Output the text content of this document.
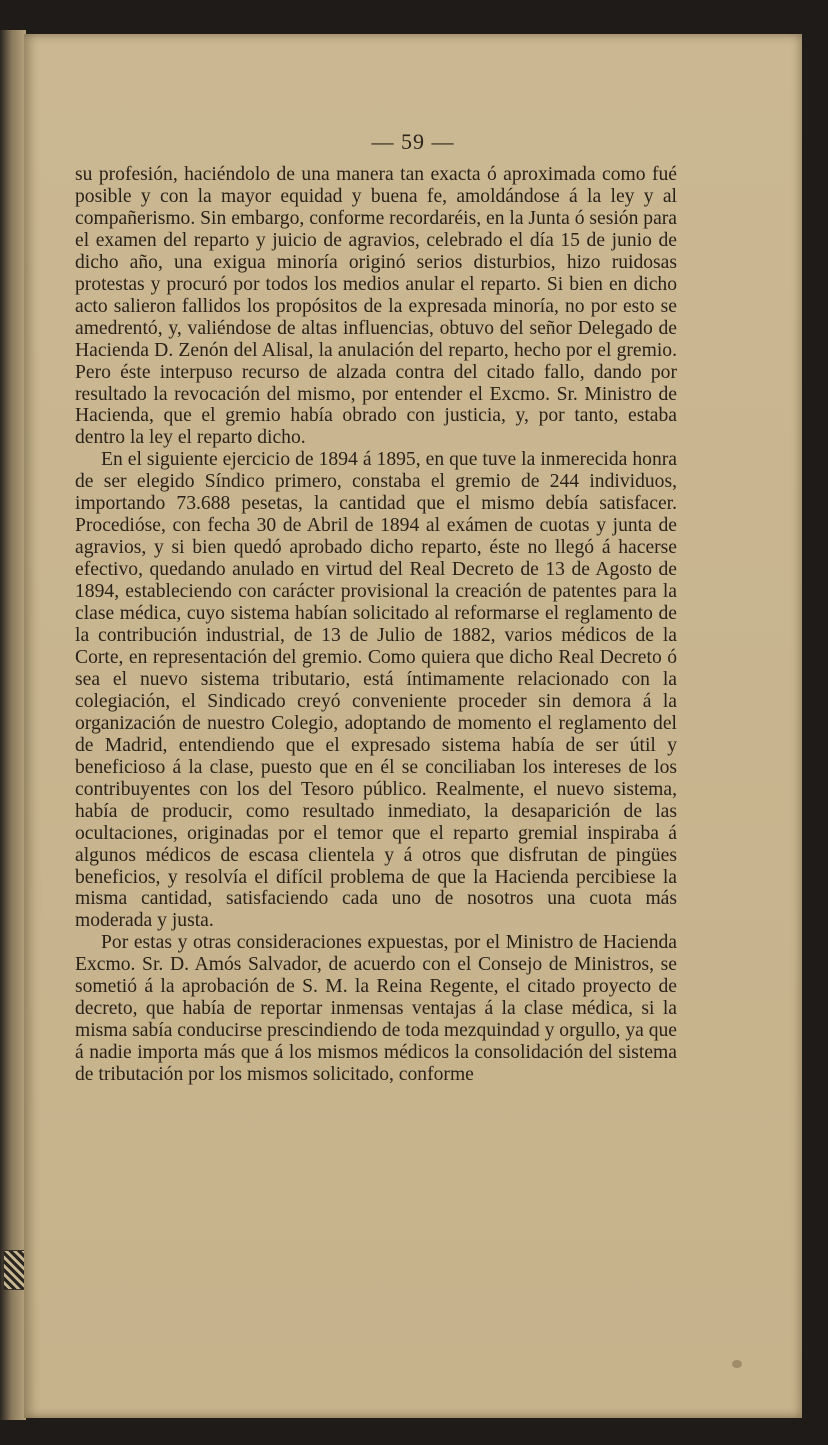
— 59 —

su profesión, haciéndolo de una manera tan exacta ó aproximada como fué posible y con la mayor equidad y buena fe, amoldándose á la ley y al compañerismo. Sin embargo, conforme recordaréis, en la Junta ó sesión para el examen del reparto y juicio de agravios, celebrado el día 15 de junio de dicho año, una exigua minoría originó serios disturbios, hizo ruidosas protestas y procuró por todos los medios anular el reparto. Si bien en dicho acto salieron fallidos los propósitos de la expresada minoría, no por esto se amedrentó, y, valiéndose de altas influencias, obtuvo del señor Delegado de Hacienda D. Zenón del Alisal, la anulación del reparto, hecho por el gremio. Pero éste interpuso recurso de alzada contra del citado fallo, dando por resultado la revocación del mismo, por entender el Excmo. Sr. Ministro de Hacienda, que el gremio había obrado con justicia, y, por tanto, estaba dentro la ley el reparto dicho.

En el siguiente ejercicio de 1894 á 1895, en que tuve la inmerecida honra de ser elegido Síndico primero, constaba el gremio de 244 individuos, importando 73.688 pesetas, la cantidad que el mismo debía satisfacer. Procedióse, con fecha 30 de Abril de 1894 al exámen de cuotas y junta de agravios, y si bien quedó aprobado dicho reparto, éste no llegó á hacerse efectivo, quedando anulado en virtud del Real Decreto de 13 de Agosto de 1894, estableciendo con carácter provisional la creación de patentes para la clase médica, cuyo sistema habían solicitado al reformarse el reglamento de la contribución industrial, de 13 de Julio de 1882, varios médicos de la Corte, en representación del gremio. Como quiera que dicho Real Decreto ó sea el nuevo sistema tributario, está íntimamente relacionado con la colegiación, el Sindicado creyó conveniente proceder sin demora á la organización de nuestro Colegio, adoptando de momento el reglamento del de Madrid, entendiendo que el expresado sistema había de ser útil y beneficioso á la clase, puesto que en él se conciliaban los intereses de los contribuyentes con los del Tesoro público. Realmente, el nuevo sistema, había de producir, como resultado inmediato, la desaparición de las ocultaciones, originadas por el temor que el reparto gremial inspiraba á algunos médicos de escasa clientela y á otros que disfrutan de pingües beneficios, y resolvía el difícil problema de que la Hacienda percibiese la misma cantidad, satisfaciendo cada uno de nosotros una cuota más moderada y justa.

Por estas y otras consideraciones expuestas, por el Ministro de Hacienda Excmo. Sr. D. Amós Salvador, de acuerdo con el Consejo de Ministros, se sometió á la aprobación de S. M. la Reina Regente, el citado proyecto de decreto, que había de reportar inmensas ventajas á la clase médica, si la misma sabía conducirse prescindiendo de toda mezquindad y orgullo, ya que á nadie importa más que á los mismos médicos la consolidación del sistema de tributación por los mismos solicitado, conforme
